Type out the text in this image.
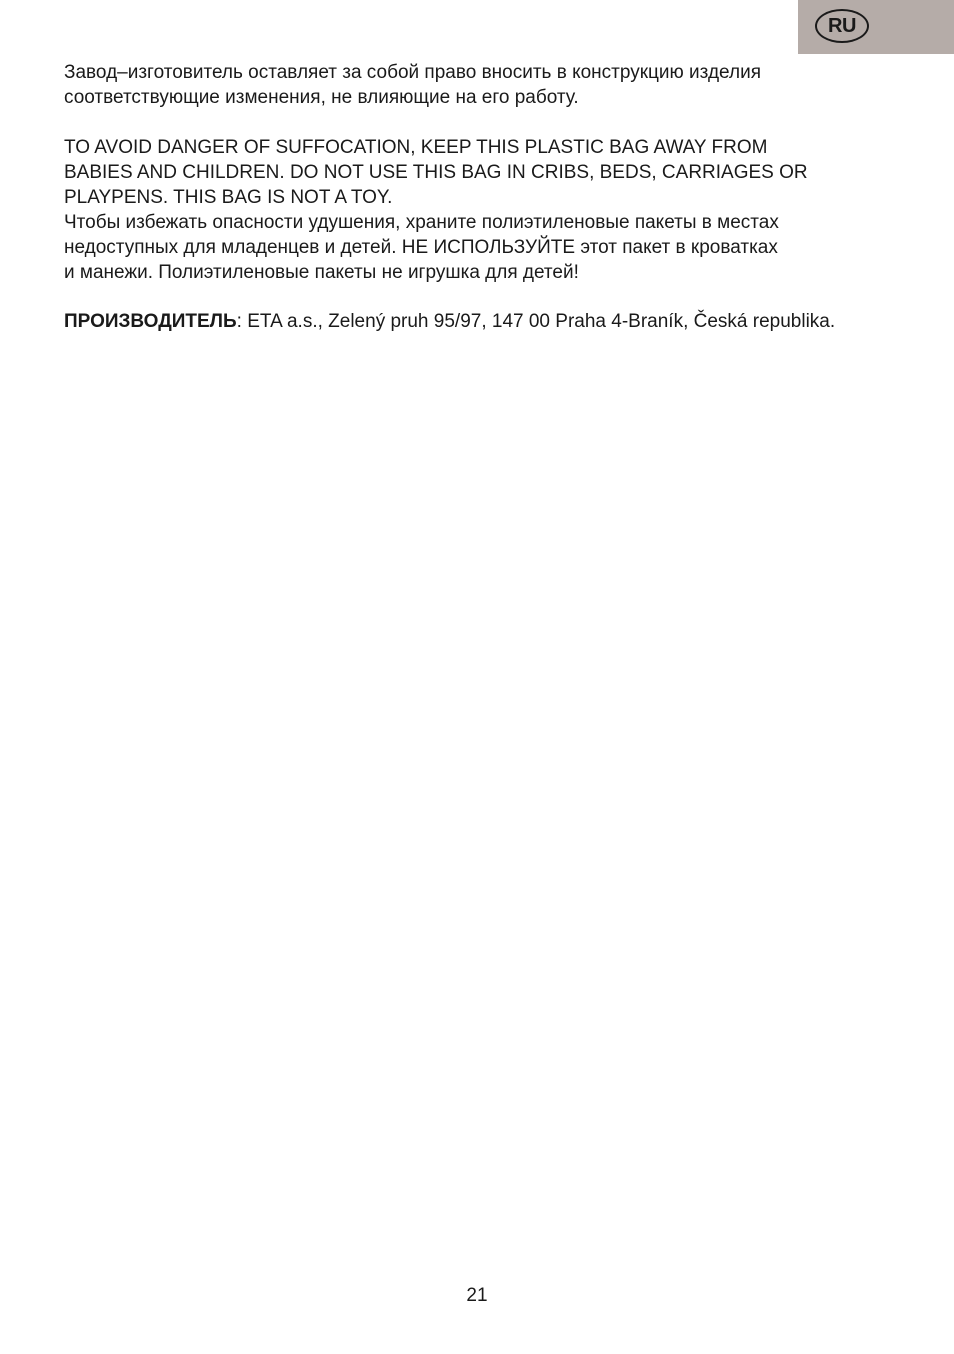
RU

Завод–изготовитель оставляет за собой право вносить в конструкцию изделия
соответствующие изменения, не влияющие на его работу.

TO AVOID DANGER OF SUFFOCATION, KEEP THIS PLASTIC BAG AWAY FROM
BABIES AND CHILDREN. DO NOT USE THIS BAG IN CRIBS, BEDS, CARRIAGES OR
PLAYPENS. THIS BAG IS NOT A TOY.

Чтобы избежать опасности удушения, храните полиэтиленовые пакеты в местах
недоступных для младенцев и детей. НЕ ИСПОЛЬЗУЙТЕ этот пакет в кроватках
и манежи. Полиэтиленовые пакеты не игрушка для детей!

ПРОИЗВОДИТЕЛЬ: ETA a.s., Zelený pruh 95/97, 147 00 Praha 4-Braník, Česká republika.

21
